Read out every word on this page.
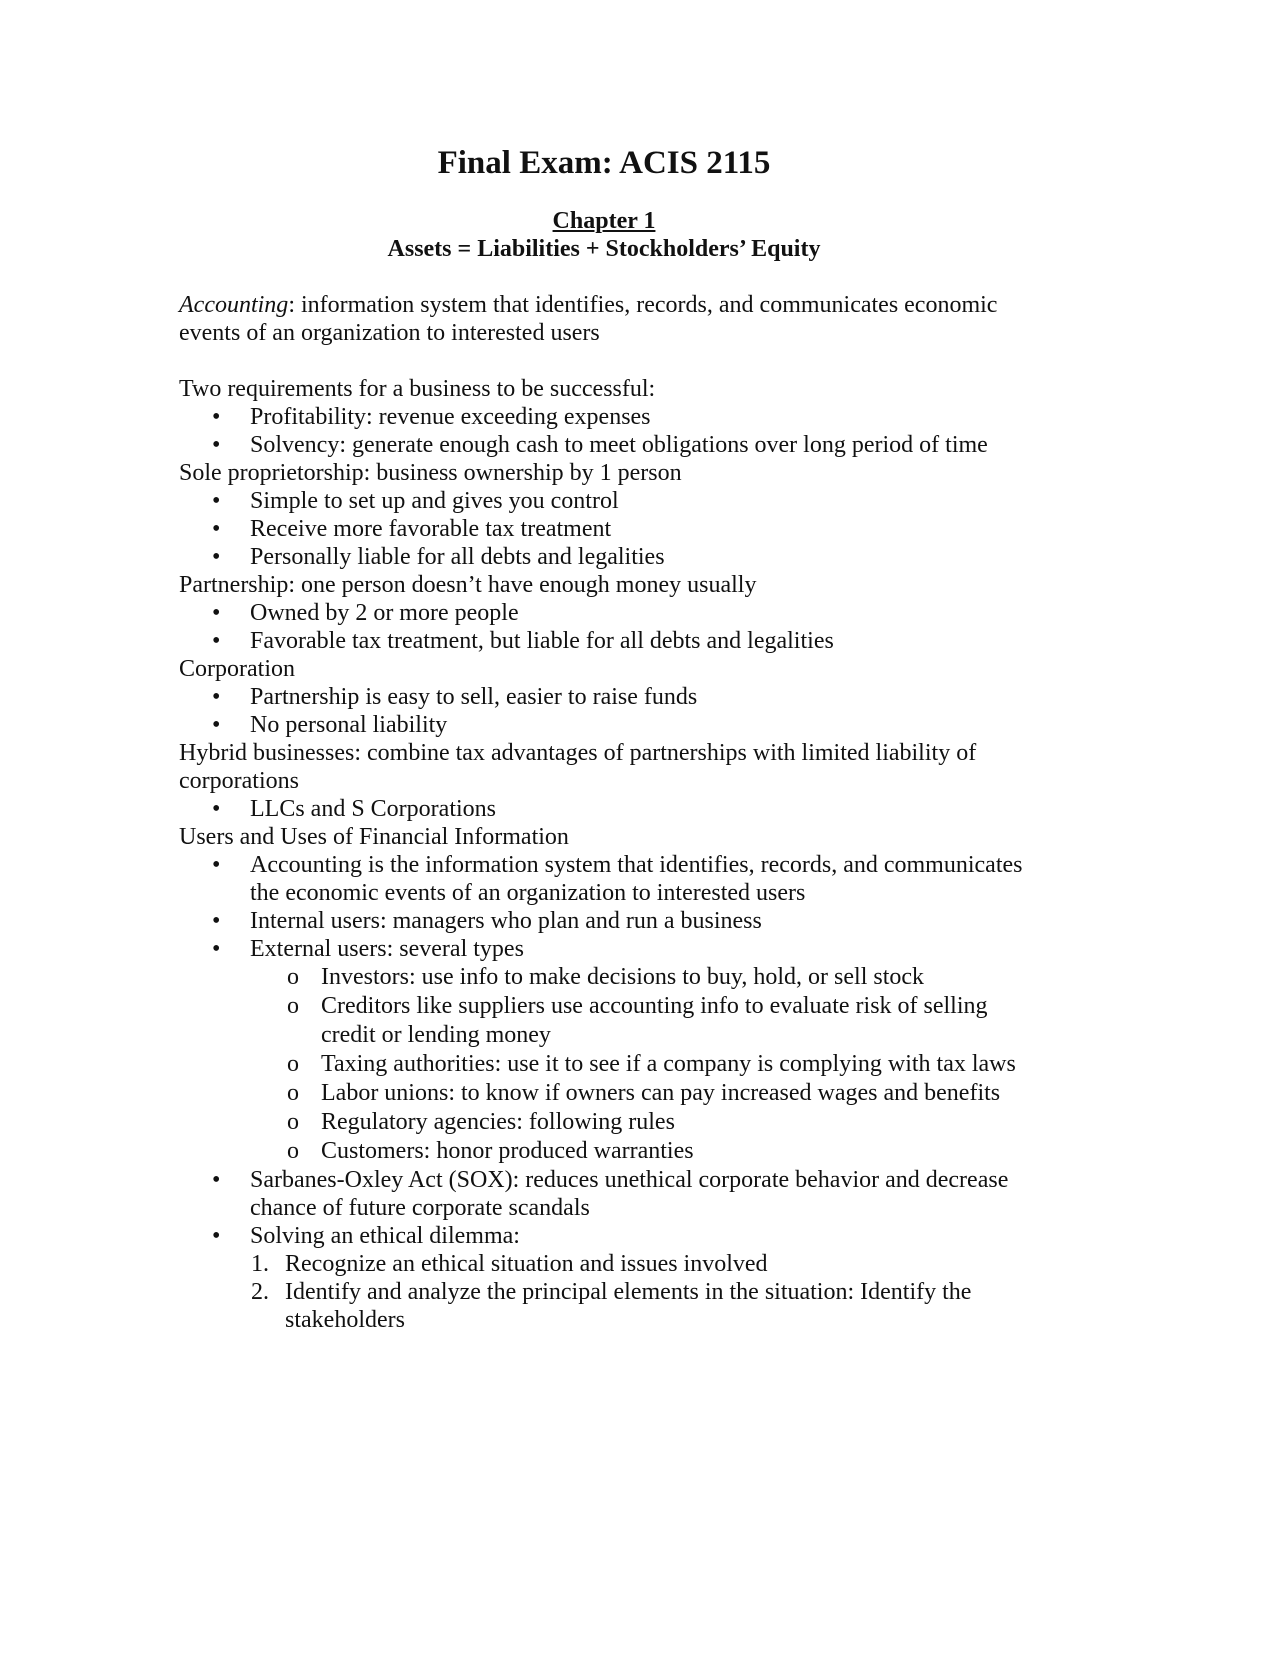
Final Exam: ACIS 2115
Chapter 1
Assets = Liabilities + Stockholders’ Equity

Accounting: information system that identifies, records, and communicates economic events of an organization to interested users

Two requirements for a business to be successful:

• Profitability: revenue exceeding expenses
• Solvency: generate enough cash to meet obligations over long period of time

Sole proprietorship: business ownership by 1 person

• Simple to set up and gives you control
• Receive more favorable tax treatment
• Personally liable for all debts and legalities

Partnership: one person doesn’t have enough money usually

• Owned by 2 or more people
• Favorable tax treatment, but liable for all debts and legalities

Corporation

• Partnership is easy to sell, easier to raise funds
• No personal liability

Hybrid businesses: combine tax advantages of partnerships with limited liability of corporations

• LLCs and S Corporations

Users and Uses of Financial Information

• Accounting is the information system that identifies, records, and communicates the economic events of an organization to interested users
• Internal users: managers who plan and run a business
• External users: several types
o Investors: use info to make decisions to buy, hold, or sell stock
o Creditors like suppliers use accounting info to evaluate risk of selling credit or lending money
o Taxing authorities: use it to see if a company is complying with tax laws
o Labor unions: to know if owners can pay increased wages and benefits
o Regulatory agencies: following rules
o Customers: honor produced warranties
• Sarbanes-Oxley Act (SOX): reduces unethical corporate behavior and decrease chance of future corporate scandals
• Solving an ethical dilemma:
1. Recognize an ethical situation and issues involved
2. Identify and analyze the principal elements in the situation: Identify the stakeholders
